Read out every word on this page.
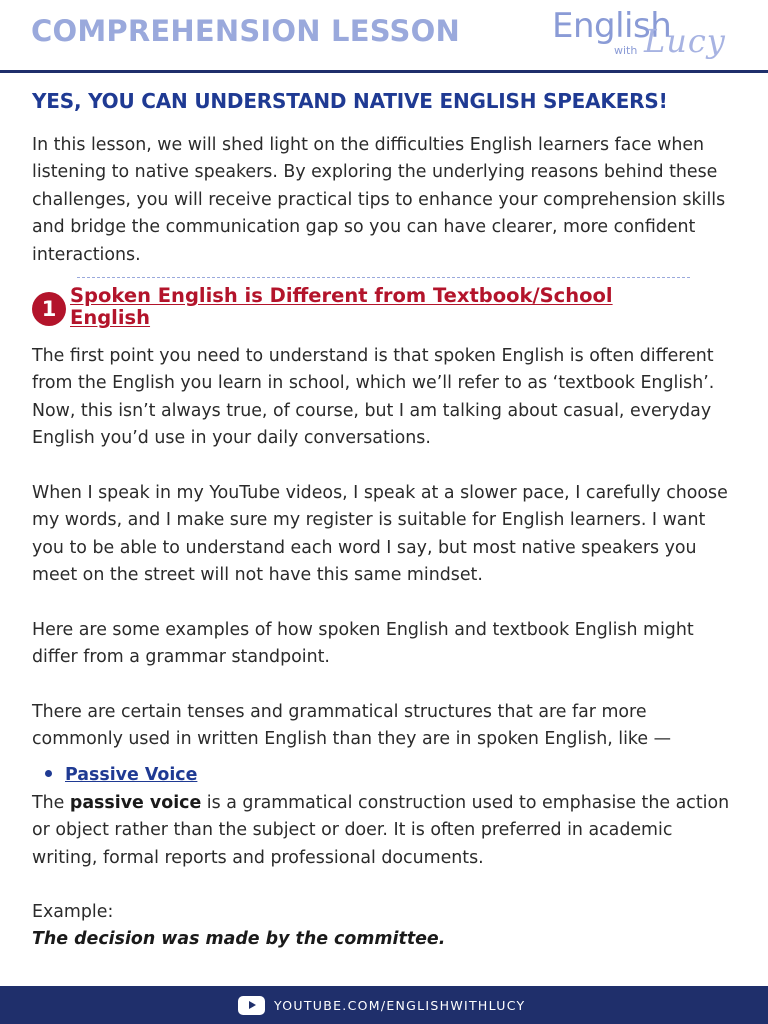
COMPREHENSION LESSON	English
with Lucy
YES, YOU CAN UNDERSTAND NATIVE ENGLISH SPEAKERS!

In this lesson, we will shed light on the difficulties English learners face when listening to native speakers. By exploring the underlying reasons behind these challenges, you will receive practical tips to enhance your comprehension skills and bridge the communication gap so you can have clearer, more confident interactions.

1
Spoken English is Different from Textbook/School English

The first point you need to understand is that spoken English is often different from the English you learn in school, which we’ll refer to as ‘textbook English’. Now, this isn’t always true, of course, but I am talking about casual, everyday English you’d use in your daily conversations.

When I speak in my YouTube videos, I speak at a slower pace, I carefully choose my words, and I make sure my register is suitable for English learners. I want you to be able to understand each word I say, but most native speakers you meet on the street will not have this same mindset.

Here are some examples of how spoken English and textbook English might differ from a grammar standpoint.

There are certain tenses and grammatical structures that are far more commonly used in written English than they are in spoken English, like —

Passive Voice

The passive voice is a grammatical construction used to emphasise the action or object rather than the subject or doer. It is often preferred in academic writing, formal reports and professional documents.

Example:

The decision was made by the committee.

YOUTUBE.COM/ENGLISHWITHLUCY
